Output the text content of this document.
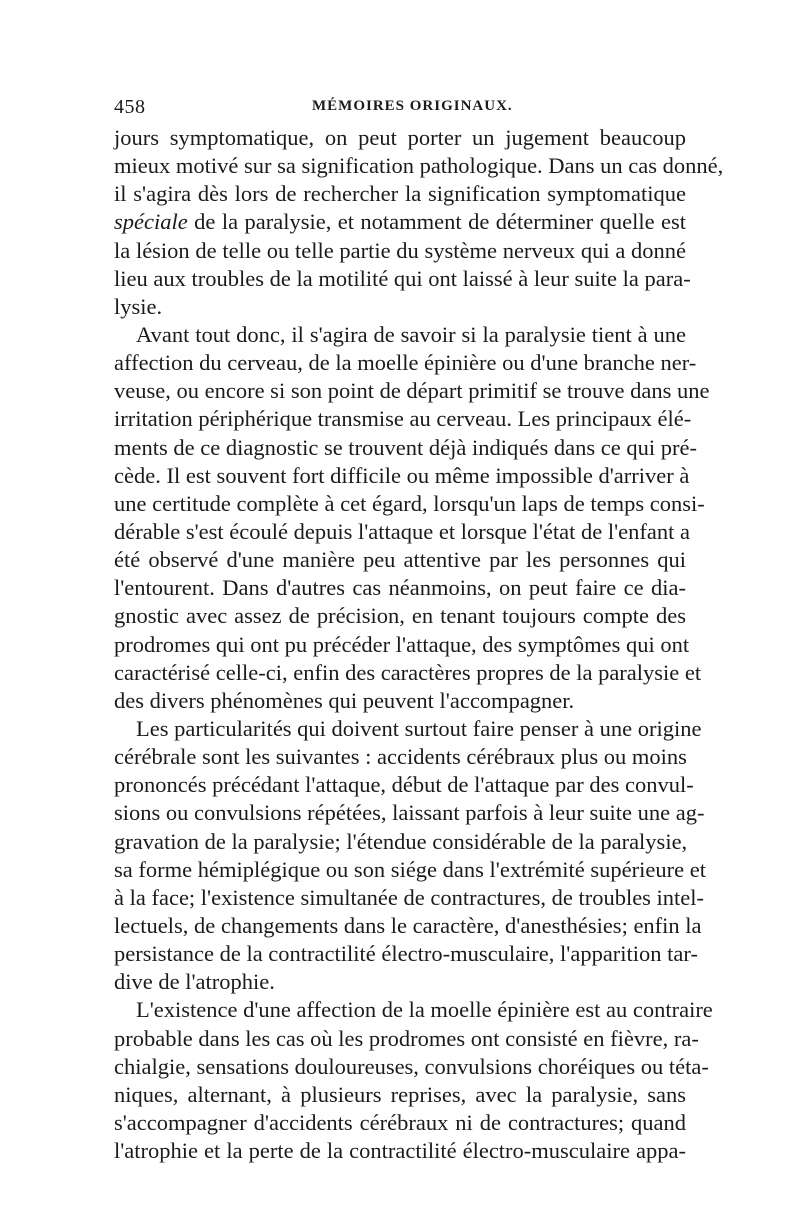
458	MÉMOIRES ORIGINAUX.
jours symptomatique, on peut porter un jugement beaucoup
mieux motivé sur sa signification pathologique. Dans un cas donné,
il s'agira dès lors de rechercher la signification symptomatique
spéciale de la paralysie, et notamment de déterminer quelle est
la lésion de telle ou telle partie du système nerveux qui a donné
lieu aux troubles de la motilité qui ont laissé à leur suite la para-
lysie.
Avant tout donc, il s'agira de savoir si la paralysie tient à une
affection du cerveau, de la moelle épinière ou d'une branche ner-
veuse, ou encore si son point de départ primitif se trouve dans une
irritation périphérique transmise au cerveau. Les principaux élé-
ments de ce diagnostic se trouvent déjà indiqués dans ce qui pré-
cède. Il est souvent fort difficile ou même impossible d'arriver à
une certitude complète à cet égard, lorsqu'un laps de temps consi-
dérable s'est écoulé depuis l'attaque et lorsque l'état de l'enfant a
été observé d'une manière peu attentive par les personnes qui
l'entourent. Dans d'autres cas néanmoins, on peut faire ce dia-
gnostic avec assez de précision, en tenant toujours compte des
prodromes qui ont pu précéder l'attaque, des symptômes qui ont
caractérisé celle-ci, enfin des caractères propres de la paralysie et
des divers phénomènes qui peuvent l'accompagner.
Les particularités qui doivent surtout faire penser à une origine
cérébrale sont les suivantes : accidents cérébraux plus ou moins
prononcés précédant l'attaque, début de l'attaque par des convul-
sions ou convulsions répétées, laissant parfois à leur suite une ag-
gravation de la paralysie; l'étendue considérable de la paralysie,
sa forme hémiplégique ou son siége dans l'extrémité supérieure et
à la face; l'existence simultanée de contractures, de troubles intel-
lectuels, de changements dans le caractère, d'anesthésies; enfin la
persistance de la contractilité électro-musculaire, l'apparition tar-
dive de l'atrophie.
L'existence d'une affection de la moelle épinière est au contraire
probable dans les cas où les prodromes ont consisté en fièvre, ra-
chialgie, sensations douloureuses, convulsions choréiques ou téta-
niques, alternant, à plusieurs reprises, avec la paralysie, sans
s'accompagner d'accidents cérébraux ni de contractures; quand
l'atrophie et la perte de la contractilité électro-musculaire appa-
